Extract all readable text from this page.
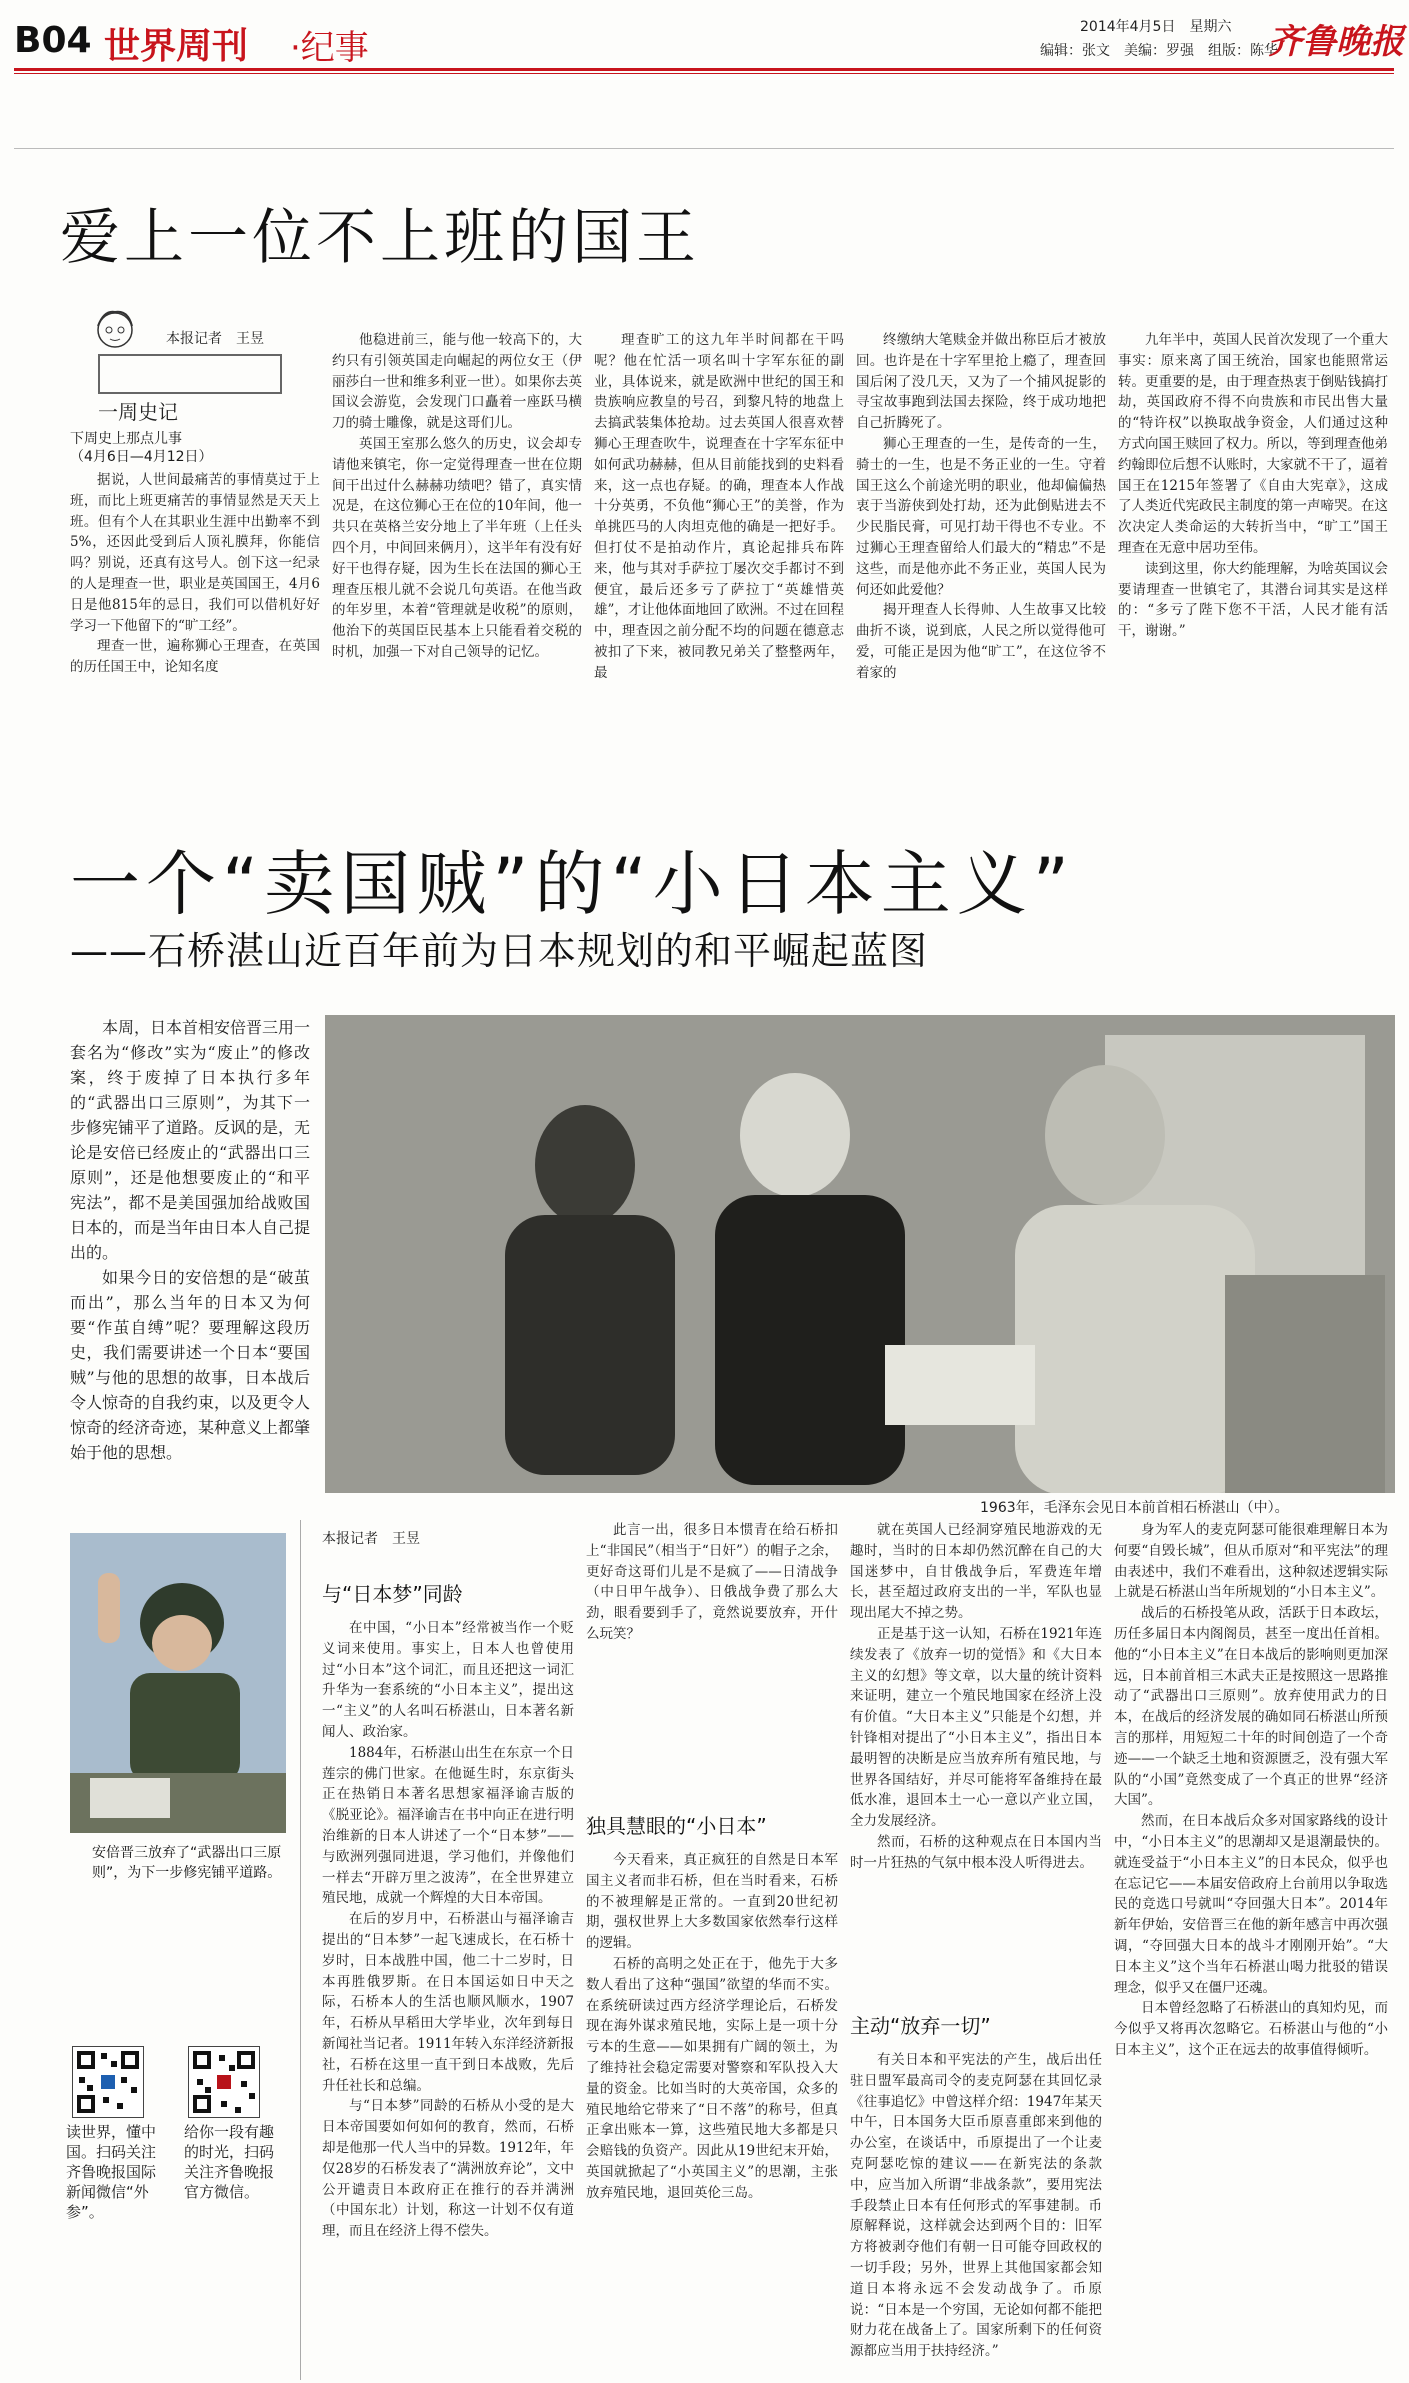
B04 世界周刊 ·纪事
2014年4月5日　星期六
编辑：张文　美编：罗强　组版：陈华
齐鲁晚报
爱上一位不上班的国王
本报记者　王昱
一周史记
下周史上那点儿事
（4月6日—4月12日）

据说，人世间最痛苦的事情莫过于上班，而比上班更痛苦的事情显然是天天上班。但有个人在其职业生涯中出勤率不到5%，还因此受到后人顶礼膜拜，你能信吗？别说，还真有这号人。创下这一纪录的人是理查一世，职业是英国国王，4月6日是他815年的忌日，我们可以借机好好学习一下他留下的“旷工经”。

理查一世，遍称狮心王理查，在英国的历任国王中，论知名度

他稳进前三，能与他一较高下的，大约只有引领英国走向崛起的两位女王（伊丽莎白一世和维多利亚一世）。如果你去英国议会游览，会发现门口矗着一座跃马横刀的骑士雕像，就是这哥们儿。

英国王室那么悠久的历史，议会却专请他来镇宅，你一定觉得理查一世在位期间干出过什么赫赫功绩吧？错了，真实情况是，在这位狮心王在位的10年间，他一共只在英格兰安分地上了半年班（上任头四个月，中间回来俩月），这半年有没有好好干也得存疑，因为生长在法国的狮心王理查压根儿就不会说几句英语。在他当政的年岁里，本着“管理就是收税”的原则，他治下的英国臣民基本上只能看着交税的时机，加强一下对自己领导的记忆。

理查旷工的这九年半时间都在干吗呢？他在忙活一项名叫十字军东征的副业，具体说来，就是欧洲中世纪的国王和贵族响应教皇的号召，到黎凡特的地盘上去搞武装集体抢劫。过去英国人很喜欢替狮心王理查吹牛，说理查在十字军东征中如何武功赫赫，但从目前能找到的史料看来，这一点也存疑。的确，理查本人作战十分英勇，不负他“狮心王”的美誉，作为单挑匹马的人肉坦克他的确是一把好手。但打仗不是拍动作片，真论起排兵布阵来，他与其对手萨拉丁屡次交手都讨不到便宜，最后还多亏了萨拉丁“英雄惜英雄”，才让他体面地回了欧洲。不过在回程中，理查因之前分配不均的问题在德意志被扣了下来，被同教兄弟关了整整两年，最

终缴纳大笔赎金并做出称臣后才被放回。也许是在十字军里抢上瘾了，理查回国后闲了没几天，又为了一个捕风捉影的寻宝故事跑到法国去探险，终于成功地把自己折腾死了。

狮心王理查的一生，是传奇的一生，骑士的一生，也是不务正业的一生。守着国王这么个前途光明的职业，他却偏偏热衷于当游侠到处打劫，还为此倒贴进去不少民脂民膏，可见打劫干得也不专业。不过狮心王理查留给人们最大的“精忠”不是这些，而是他亦此不务正业，英国人民为何还如此爱他？

揭开理查人长得帅、人生故事又比较曲折不谈，说到底，人民之所以觉得他可爱，可能正是因为他“旷工”，在这位爷不着家的

九年半中，英国人民首次发现了一个重大事实：原来离了国王统治，国家也能照常运转。更重要的是，由于理查热衷于倒贴钱搞打劫，英国政府不得不向贵族和市民出售大量的“特许权”以换取战争资金，人们通过这种方式向国王赎回了权力。所以，等到理查他弟约翰即位后想不认账时，大家就不干了，逼着国王在1215年签署了《自由大宪章》，这成了人类近代宪政民主制度的第一声啼哭。在这次决定人类命运的大转折当中，“旷工”国王理查在无意中居功至伟。

读到这里，你大约能理解，为啥英国议会要请理查一世镇宅了，其潜台词其实是这样的：“多亏了陛下您不干活，人民才能有活干，谢谢。”

一个“卖国贼”的“小日本主义”
——石桥湛山近百年前为日本规划的和平崛起蓝图

本周，日本首相安倍晋三用一套名为“修改”实为“废止”的修改案，终于废掉了日本执行多年的“武器出口三原则”，为其下一步修宪铺平了道路。反讽的是，无论是安倍已经废止的“武器出口三原则”，还是他想要废止的“和平宪法”，都不是美国强加给战败国日本的，而是当年由日本人自己提出的。

如果今日的安倍想的是“破茧而出”，那么当年的日本又为何要“作茧自缚”呢？要理解这段历史，我们需要讲述一个日本“要国贼”与他的思想的故事，日本战后令人惊奇的自我约束，以及更令人惊奇的经济奇迹，某种意义上都肇始于他的思想。

1963年，毛泽东会见日本前首相石桥湛山（中）。
安倍晋三放弃了“武器出口三原则”，为下一步修宪铺平道路。
读世界，懂中国。扫码关注齐鲁晚报国际新闻微信“外参”。
给你一段有趣的时光，扫码关注齐鲁晚报官方微信。
本报记者　王昱
与“日本梦”同龄

在中国，“小日本”经常被当作一个贬义词来使用。事实上，日本人也曾使用过“小日本”这个词汇，而且还把这一词汇升华为一套系统的“小日本主义”，提出这一“主义”的人名叫石桥湛山，日本著名新闻人、政治家。

1884年，石桥湛山出生在东京一个日莲宗的佛门世家。在他诞生时，东京街头正在热销日本著名思想家福泽谕吉版的《脱亚论》。福泽谕吉在书中向正在进行明治维新的日本人讲述了一个“日本梦”——与欧洲列强同进退，学习他们，并像他们一样去“开辟万里之波涛”，在全世界建立殖民地，成就一个辉煌的大日本帝国。

在后的岁月中，石桥湛山与福泽谕吉提出的“日本梦”一起飞速成长，在石桥十岁时，日本战胜中国，他二十二岁时，日本再胜俄罗斯。在日本国运如日中天之际，石桥本人的生活也顺风顺水，1907年，石桥从早稻田大学毕业，次年到每日新闻社当记者。1911年转入东洋经济新报社，石桥在这里一直干到日本战败，先后升任社长和总编。

与“日本梦”同龄的石桥从小受的是大日本帝国要如何如何的教育，然而，石桥却是他那一代人当中的异数。1912年，年仅28岁的石桥发表了“满洲放弃论”，文中公开谴责日本政府正在推行的吞并满洲（中国东北）计划，称这一计划不仅有道理，而且在经济上得不偿失。

此言一出，很多日本惯青在给石桥扣上“非国民”（相当于“日奸”）的帽子之余，更好奇这哥们儿是不是疯了——日清战争（中日甲午战争）、日俄战争费了那么大劲，眼看要到手了，竟然说要放弃，开什么玩笑？

独具慧眼的“小日本”

今天看来，真正疯狂的自然是日本军国主义者而非石桥，但在当时看来，石桥的不被理解是正常的。一直到20世纪初期，强权世界上大多数国家依然奉行这样的逻辑。

石桥的高明之处正在于，他先于大多数人看出了这种“强国”欲望的华而不实。在系统研读过西方经济学理论后，石桥发现在海外谋求殖民地，实际上是一项十分亏本的生意——如果拥有广阔的领土，为了维持社会稳定需要对警察和军队投入大量的资金。比如当时的大英帝国，众多的殖民地给它带来了“日不落”的称号，但真正拿出账本一算，这些殖民地大多都是只会赔钱的负资产。因此从19世纪末开始，英国就掀起了“小英国主义”的思潮，主张放弃殖民地，退回英伦三岛。

就在英国人已经洞穿殖民地游戏的无趣时，当时的日本却仍然沉醉在自己的大国迷梦中，自甘俄战争后，军费连年增长，甚至超过政府支出的一半，军队也显现出尾大不掉之势。

正是基于这一认知，石桥在1921年连续发表了《放弃一切的觉悟》和《大日本主义的幻想》等文章，以大量的统计资料来证明，建立一个殖民地国家在经济上没有价值。“大日本主义”只能是个幻想，并针锋相对提出了“小日本主义”，指出日本最明智的决断是应当放弃所有殖民地，与世界各国结好，并尽可能将军备维持在最低水准，退回本土一心一意以产业立国，全力发展经济。

然而，石桥的这种观点在日本国内当时一片狂热的气氛中根本没人听得进去。

主动“放弃一切”

有关日本和平宪法的产生，战后出任驻日盟军最高司令的麦克阿瑟在其回忆录《往事追忆》中曾这样介绍：1947年某天中午，日本国务大臣币原喜重郎来到他的办公室，在谈话中，币原提出了一个让麦克阿瑟吃惊的建议——在新宪法的条款中，应当加入所谓“非战条款”，要用宪法手段禁止日本有任何形式的军事建制。币原解释说，这样就会达到两个目的：旧军方将被剥夺他们有朝一日可能夺回政权的一切手段；另外，世界上其他国家都会知道日本将永远不会发动战争了。币原说：“日本是一个穷国，无论如何都不能把财力花在战备上了。国家所剩下的任何资源都应当用于扶持经济。”

身为军人的麦克阿瑟可能很难理解日本为何要“自毁长城”，但从币原对“和平宪法”的理由表述中，我们不难看出，这种叙述逻辑实际上就是石桥湛山当年所规划的“小日本主义”。

战后的石桥投笔从政，活跃于日本政坛，历任多届日本内阁阁员，甚至一度出任首相。他的“小日本主义”在日本战后的影响则更加深远，日本前首相三木武夫正是按照这一思路推动了“武器出口三原则”。放弃使用武力的日本，在战后的经济发展的确如同石桥湛山所预言的那样，用短短二十年的时间创造了一个奇迹——一个缺乏土地和资源匮乏，没有强大军队的“小国”竟然变成了一个真正的世界“经济大国”。

然而，在日本战后众多对国家路线的设计中，“小日本主义”的思潮却又是退潮最快的。就连受益于“小日本主义”的日本民众，似乎也在忘记它——本届安倍政府上台前用以争取选民的竞选口号就叫“夺回强大日本”。2014年新年伊始，安倍晋三在他的新年感言中再次强调，“夺回强大日本的战斗才刚刚开始”。“大日本主义”这个当年石桥湛山喝力批驳的错误理念，似乎又在僵尸还魂。

日本曾经忽略了石桥湛山的真知灼见，而今似乎又将再次忽略它。石桥湛山与他的“小日本主义”，这个正在远去的故事值得倾听。
